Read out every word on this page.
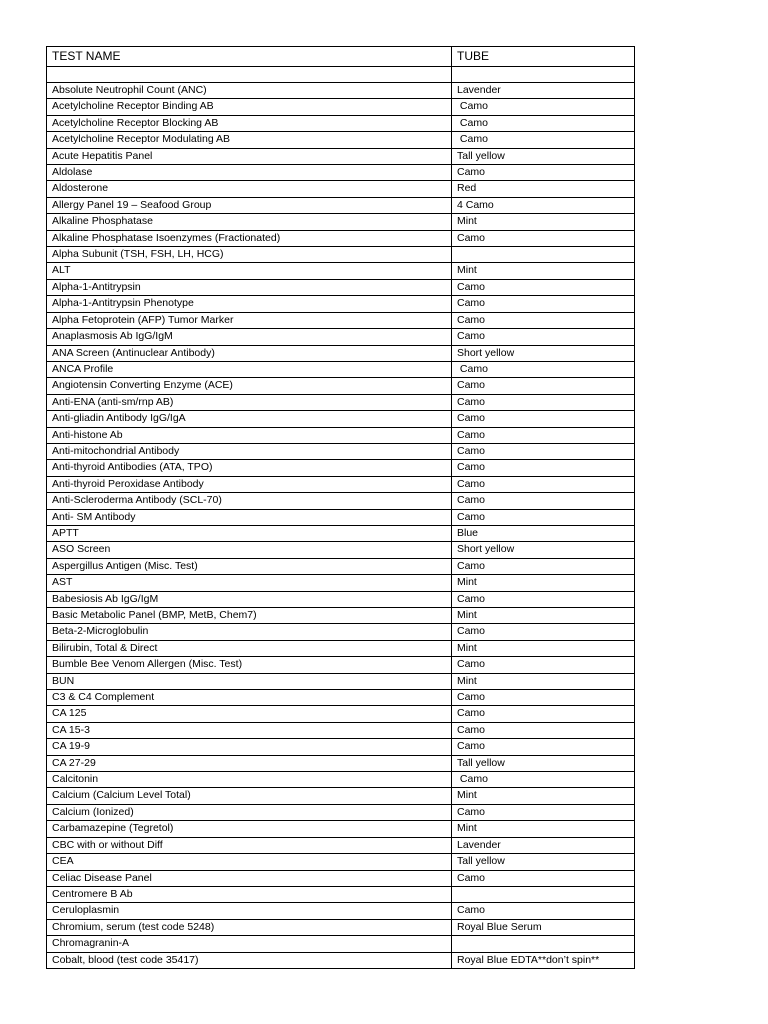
TEST NAME	TUBE

Absolute Neutrophil Count (ANC)	Lavender
Acetylcholine Receptor Binding AB	Camo
Acetylcholine Receptor Blocking AB	Camo
Acetylcholine Receptor Modulating AB	Camo
Acute Hepatitis Panel	Tall yellow
Aldolase	Camo
Aldosterone	Red
Allergy Panel 19 – Seafood Group	4 Camo
Alkaline Phosphatase	Mint
Alkaline Phosphatase Isoenzymes (Fractionated)	Camo
Alpha Subunit (TSH, FSH, LH, HCG)	
ALT	Mint
Alpha-1-Antitrypsin	Camo
Alpha-1-Antitrypsin Phenotype	Camo
Alpha Fetoprotein (AFP) Tumor Marker	Camo
Anaplasmosis Ab IgG/IgM	Camo
ANA Screen (Antinuclear Antibody)	Short yellow
ANCA Profile	Camo
Angiotensin Converting Enzyme (ACE)	Camo
Anti-ENA (anti-sm/rnp AB)	Camo
Anti-gliadin Antibody IgG/IgA	Camo
Anti-histone Ab	Camo
Anti-mitochondrial Antibody	Camo
Anti-thyroid Antibodies (ATA, TPO)	Camo
Anti-thyroid Peroxidase Antibody	Camo
Anti-Scleroderma Antibody (SCL-70)	Camo
Anti- SM Antibody	Camo
APTT	Blue
ASO Screen	Short yellow
Aspergillus Antigen (Misc. Test)	Camo
AST	Mint
Babesiosis Ab IgG/IgM	Camo
Basic Metabolic Panel (BMP, MetB, Chem7)	Mint
Beta-2-Microglobulin	Camo
Bilirubin, Total & Direct	Mint
Bumble Bee Venom Allergen (Misc. Test)	Camo
BUN	Mint
C3 & C4 Complement	Camo
CA 125	Camo
CA 15-3	Camo
CA 19-9	Camo
CA 27-29	Tall yellow
Calcitonin	Camo
Calcium (Calcium Level Total)	Mint
Calcium (Ionized)	Camo
Carbamazepine (Tegretol)	Mint
CBC with or without Diff	Lavender
CEA	Tall yellow
Celiac Disease Panel	Camo
Centromere B Ab	
Ceruloplasmin	Camo
Chromium, serum (test code 5248)	Royal Blue Serum
Chromagranin-A	
Cobalt, blood (test code 35417)	Royal Blue EDTA**don’t spin**
